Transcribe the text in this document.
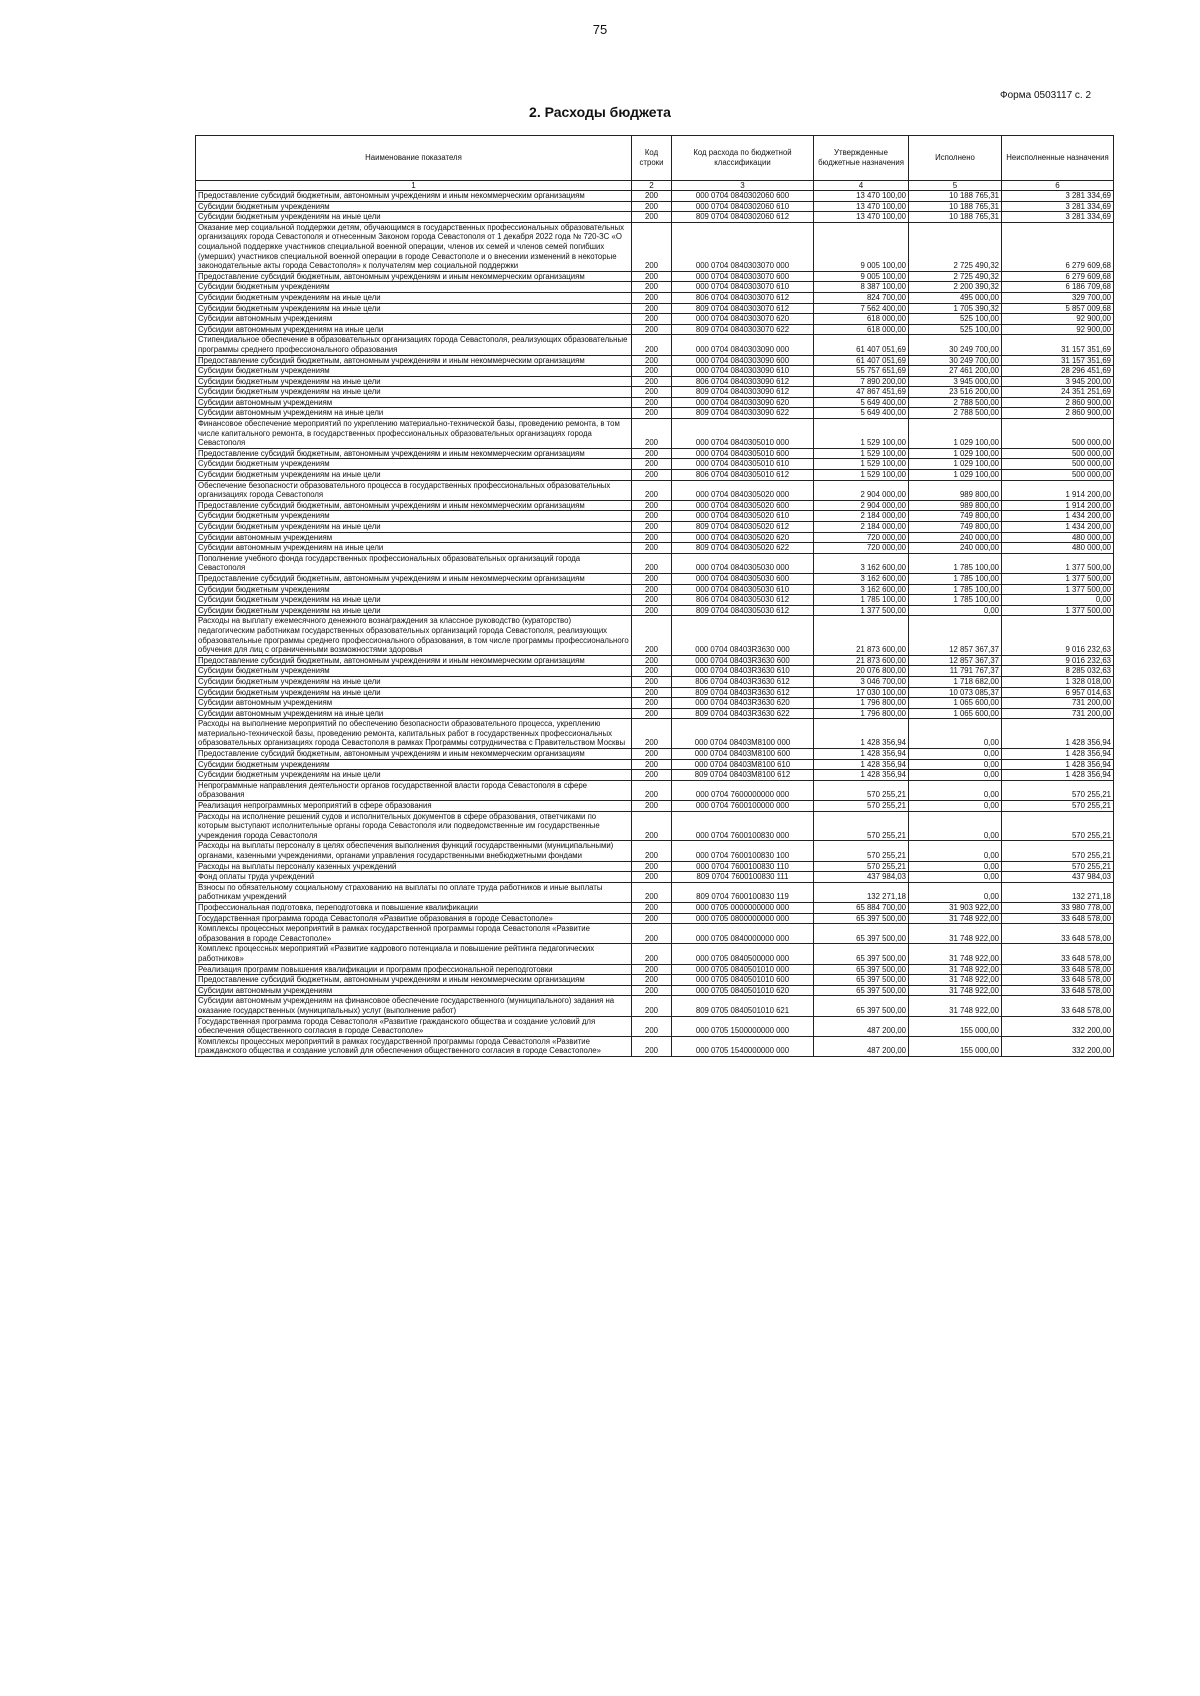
75
Форма 0503117 с. 2
2. Расходы бюджета
Наименование показателя	Код строки	Код расхода по бюджетной классификации	Утвержденные бюджетные назначения	Исполнено	Неисполненные назначения
1	2	3	4	5	6
Предоставление субсидий бюджетным, автономным учреждениям и иным некоммерческим организациям	200	000 0704 0840302060 600	13 470 100,00	10 188 765,31	3 281 334,69
Субсидии бюджетным учреждениям	200	000 0704 0840302060 610	13 470 100,00	10 188 765,31	3 281 334,69
Субсидии бюджетным учреждениям на иные цели	200	809 0704 0840302060 612	13 470 100,00	10 188 765,31	3 281 334,69
Оказание мер социальной поддержки детям, обучающимся в государственных профессиональных образовательных организациях города Севастополя и отнесенным Законом города Севастополя от 1 декабря 2022 года № 720-ЗС «О социальной поддержке участников специальной военной операции, членов их семей и членов семей погибших (умерших) участников специальной военной операции в городе Севастополе и о внесении изменений в некоторые законодательные акты города Севастополя» к получателям мер социальной поддержки	200	000 0704 0840303070 000	9 005 100,00	2 725 490,32	6 279 609,68
Предоставление субсидий бюджетным, автономным учреждениям и иным некоммерческим организациям	200	000 0704 0840303070 600	9 005 100,00	2 725 490,32	6 279 609,68
Субсидии бюджетным учреждениям	200	000 0704 0840303070 610	8 387 100,00	2 200 390,32	6 186 709,68
Субсидии бюджетным учреждениям на иные цели	200	806 0704 0840303070 612	824 700,00	495 000,00	329 700,00
Субсидии бюджетным учреждениям на иные цели	200	809 0704 0840303070 612	7 562 400,00	1 705 390,32	5 857 009,68
Субсидии автономным учреждениям	200	000 0704 0840303070 620	618 000,00	525 100,00	92 900,00
Субсидии автономным учреждениям на иные цели	200	809 0704 0840303070 622	618 000,00	525 100,00	92 900,00
Стипендиальное обеспечение в образовательных организациях города Севастополя, реализующих образовательные программы среднего профессионального образования	200	000 0704 0840303090 000	61 407 051,69	30 249 700,00	31 157 351,69
Предоставление субсидий бюджетным, автономным учреждениям и иным некоммерческим организациям	200	000 0704 0840303090 600	61 407 051,69	30 249 700,00	31 157 351,69
Субсидии бюджетным учреждениям	200	000 0704 0840303090 610	55 757 651,69	27 461 200,00	28 296 451,69
Субсидии бюджетным учреждениям на иные цели	200	806 0704 0840303090 612	7 890 200,00	3 945 000,00	3 945 200,00
Субсидии бюджетным учреждениям на иные цели	200	809 0704 0840303090 612	47 867 451,69	23 516 200,00	24 351 251,69
Субсидии автономным учреждениям	200	000 0704 0840303090 620	5 649 400,00	2 788 500,00	2 860 900,00
Субсидии автономным учреждениям на иные цели	200	809 0704 0840303090 622	5 649 400,00	2 788 500,00	2 860 900,00
Финансовое обеспечение мероприятий по укреплению материально-технической базы, проведению ремонта, в том числе капитального ремонта, в государственных профессиональных образовательных организациях города Севастополя	200	000 0704 0840305010 000	1 529 100,00	1 029 100,00	500 000,00
Предоставление субсидий бюджетным, автономным учреждениям и иным некоммерческим организациям	200	000 0704 0840305010 600	1 529 100,00	1 029 100,00	500 000,00
Субсидии бюджетным учреждениям	200	000 0704 0840305010 610	1 529 100,00	1 029 100,00	500 000,00
Субсидии бюджетным учреждениям на иные цели	200	806 0704 0840305010 612	1 529 100,00	1 029 100,00	500 000,00
Обеспечение безопасности образовательного процесса в государственных профессиональных образовательных организациях города Севастополя	200	000 0704 0840305020 000	2 904 000,00	989 800,00	1 914 200,00
Предоставление субсидий бюджетным, автономным учреждениям и иным некоммерческим организациям	200	000 0704 0840305020 600	2 904 000,00	989 800,00	1 914 200,00
Субсидии бюджетным учреждениям	200	000 0704 0840305020 610	2 184 000,00	749 800,00	1 434 200,00
Субсидии бюджетным учреждениям на иные цели	200	809 0704 0840305020 612	2 184 000,00	749 800,00	1 434 200,00
Субсидии автономным учреждениям	200	000 0704 0840305020 620	720 000,00	240 000,00	480 000,00
Субсидии автономным учреждениям на иные цели	200	809 0704 0840305020 622	720 000,00	240 000,00	480 000,00
Пополнение учебного фонда государственных профессиональных образовательных организаций города Севастополя	200	000 0704 0840305030 000	3 162 600,00	1 785 100,00	1 377 500,00
Предоставление субсидий бюджетным, автономным учреждениям и иным некоммерческим организациям	200	000 0704 0840305030 600	3 162 600,00	1 785 100,00	1 377 500,00
Субсидии бюджетным учреждениям	200	000 0704 0840305030 610	3 162 600,00	1 785 100,00	1 377 500,00
Субсидии бюджетным учреждениям на иные цели	200	806 0704 0840305030 612	1 785 100,00	1 785 100,00	0,00
Субсидии бюджетным учреждениям на иные цели	200	809 0704 0840305030 612	1 377 500,00	0,00	1 377 500,00
Расходы на выплату ежемесячного денежного вознаграждения за классное руководство (кураторство) педагогическим работникам государственных образовательных организаций города Севастополя, реализующих образовательные программы среднего профессионального образования, в том числе программы профессионального обучения для лиц с ограниченными возможностями здоровья	200	000 0704 08403R3630 000	21 873 600,00	12 857 367,37	9 016 232,63
Предоставление субсидий бюджетным, автономным учреждениям и иным некоммерческим организациям	200	000 0704 08403R3630 600	21 873 600,00	12 857 367,37	9 016 232,63
Субсидии бюджетным учреждениям	200	000 0704 08403R3630 610	20 076 800,00	11 791 767,37	8 285 032,63
Субсидии бюджетным учреждениям на иные цели	200	806 0704 08403R3630 612	3 046 700,00	1 718 682,00	1 328 018,00
Субсидии бюджетным учреждениям на иные цели	200	809 0704 08403R3630 612	17 030 100,00	10 073 085,37	6 957 014,63
Субсидии автономным учреждениям	200	000 0704 08403R3630 620	1 796 800,00	1 065 600,00	731 200,00
Субсидии автономным учреждениям на иные цели	200	809 0704 08403R3630 622	1 796 800,00	1 065 600,00	731 200,00
Расходы на выполнение мероприятий по обеспечению безопасности образовательного процесса, укреплению материально-технической базы, проведению ремонта, капитальных работ в государственных профессиональных образовательных организациях города Севастополя в рамках Программы сотрудничества с Правительством Москвы	200	000 0704 08403M8100 000	1 428 356,94	0,00	1 428 356,94
Предоставление субсидий бюджетным, автономным учреждениям и иным некоммерческим организациям	200	000 0704 08403M8100 600	1 428 356,94	0,00	1 428 356,94
Субсидии бюджетным учреждениям	200	000 0704 08403M8100 610	1 428 356,94	0,00	1 428 356,94
Субсидии бюджетным учреждениям на иные цели	200	809 0704 08403M8100 612	1 428 356,94	0,00	1 428 356,94
Непрограммные направления деятельности органов государственной власти города Севастополя в сфере образования	200	000 0704 7600000000 000	570 255,21	0,00	570 255,21
Реализация непрограммных мероприятий в сфере образования	200	000 0704 7600100000 000	570 255,21	0,00	570 255,21
Расходы на исполнение решений судов и исполнительных документов в сфере образования, ответчиками по которым выступают исполнительные органы города Севастополя или подведомственные им государственные учреждения города Севастополя	200	000 0704 7600100830 000	570 255,21	0,00	570 255,21
Расходы на выплаты персоналу в целях обеспечения выполнения функций государственными (муниципальными) органами, казенными учреждениями, органами управления государственными внебюджетными фондами	200	000 0704 7600100830 100	570 255,21	0,00	570 255,21
Расходы на выплаты персоналу казенных учреждений	200	000 0704 7600100830 110	570 255,21	0,00	570 255,21
Фонд оплаты труда учреждений	200	809 0704 7600100830 111	437 984,03	0,00	437 984,03
Взносы по обязательному социальному страхованию на выплаты по оплате труда работников и иные выплаты работникам учреждений	200	809 0704 7600100830 119	132 271,18	0,00	132 271,18
Профессиональная подготовка, переподготовка и повышение квалификации	200	000 0705 0000000000 000	65 884 700,00	31 903 922,00	33 980 778,00
Государственная программа города Севастополя «Развитие образования в городе Севастополе»	200	000 0705 0800000000 000	65 397 500,00	31 748 922,00	33 648 578,00
Комплексы процессных мероприятий в рамках государственной программы города Севастополя «Развитие образования в городе Севастополе»	200	000 0705 0840000000 000	65 397 500,00	31 748 922,00	33 648 578,00
Комплекс процессных мероприятий «Развитие кадрового потенциала и повышение рейтинга педагогических работников»	200	000 0705 0840500000 000	65 397 500,00	31 748 922,00	33 648 578,00
Реализация программ повышения квалификации и программ профессиональной переподготовки	200	000 0705 0840501010 000	65 397 500,00	31 748 922,00	33 648 578,00
Предоставление субсидий бюджетным, автономным учреждениям и иным некоммерческим организациям	200	000 0705 0840501010 600	65 397 500,00	31 748 922,00	33 648 578,00
Субсидии автономным учреждениям	200	000 0705 0840501010 620	65 397 500,00	31 748 922,00	33 648 578,00
Субсидии автономным учреждениям на финансовое обеспечение государственного (муниципального) задания на оказание государственных (муниципальных) услуг (выполнение работ)	200	809 0705 0840501010 621	65 397 500,00	31 748 922,00	33 648 578,00
Государственная программа города Севастополя «Развитие гражданского общества и создание условий для обеспечения общественного согласия в городе Севастополе»	200	000 0705 1500000000 000	487 200,00	155 000,00	332 200,00
Комплексы процессных мероприятий в рамках государственной программы города Севастополя «Развитие гражданского общества и создание условий для обеспечения общественного согласия в городе Севастополе»	200	000 0705 1540000000 000	487 200,00	155 000,00	332 200,00
